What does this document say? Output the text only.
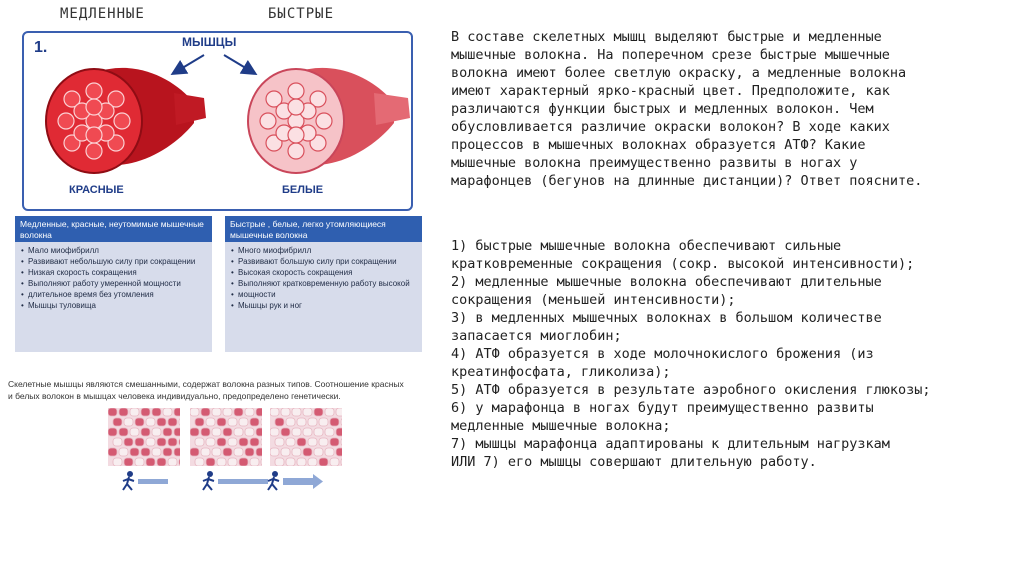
МЕДЛЕННЫЕ	БЫСТРЫЕ
1.	МЫШЦЫ
КРАСНЫЕ	БЕЛЫЕ
Медленные, красные, неутомимые мышечные
волокна
• Мало миофибрилл
• Развивают небольшую силу при сокращении
• Низкая скорость сокращения
• Выполняют работу умеренной мощности
• длительное время без утомления
• Мышцы туловища
Быстрые , белые, легко утомляющиеся
мышечные волокна
• Много миофибрилл
• Развивают большую силу при сокращении
• Высокая скорость сокращения
• Выполняют кратковременную работу высокой
• мощности
• Мышцы рук и ног
Скелетные мышцы являются смешанными, содержат волокна разных типов. Соотношение красных
и белых волокон в мышцах человека индивидуально, предопределено генетически.

В составе скелетных мышц выделяют быстрые и медленные

мышечные волокна. На поперечном срезе быстрые мышечные

волокна имеют более светлую окраску, а медленные волокна

имеют характерный ярко-красный цвет. Предположите, как

различаются функции быстрых и медленных волокон. Чем

обусловливается различие окраски волокон? В ходе каких

процессов в мышечных волокнах образуется АТФ? Какие

мышечные волокна преимущественно развиты в ногах у

марафонцев (бегунов на длинные дистанции)? Ответ поясните.

1) быстрые мышечные волокна обеспечивают сильные

кратковременные сокращения (сокр. высокой интенсивности);

2) медленные мышечные волокна обеспечивают длительные

сокращения (меньшей интенсивности);

3) в медленных мышечных волокнах в большом количестве

запасается миоглобин;

4) АТФ образуется в ходе молочнокислого брожения (из

креатинфосфата, гликолиза);

5) АТФ образуется в результате аэробного окисления глюкозы;

6) у марафонца в ногах будут преимущественно развиты

медленные мышечные волокна;

7) мышцы марафонца адаптированы к длительным нагрузкам

ИЛИ 7) его мышцы совершают длительную работу.
